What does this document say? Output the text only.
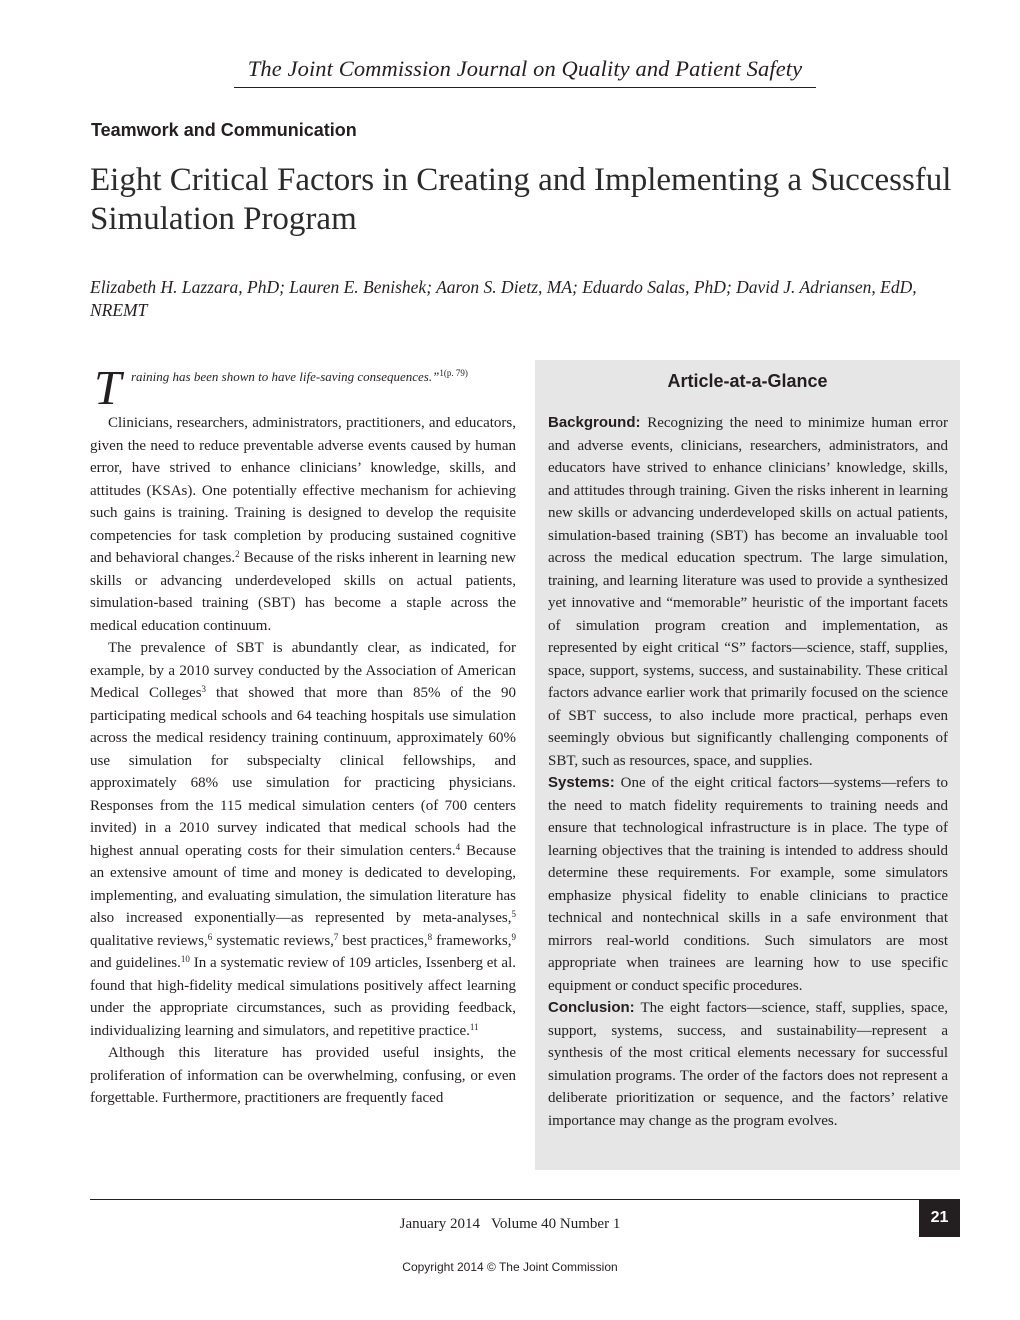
The Joint Commission Journal on Quality and Patient Safety
Teamwork and Communication
Eight Critical Factors in Creating and Implementing a Successful Simulation Program
Elizabeth H. Lazzara, PhD; Lauren E. Benishek; Aaron S. Dietz, MA; Eduardo Salas, PhD; David J. Adriansen, EdD, NREMT

T raining has been shown to have life-saving consequences.”$^{1(p. 79)}$

Clinicians, researchers, administrators, practitioners, and educators, given the need to reduce preventable adverse events caused by human error, have strived to enhance clinicians’ knowledge, skills, and attitudes (KSAs). One potentially effective mechanism for achieving such gains is training. Training is designed to develop the requisite competencies for task completion by producing sustained cognitive and behavioral changes.$^2$ Because of the risks inherent in learning new skills or advancing underdeveloped skills on actual patients, simulation-based training (SBT) has become a staple across the medical education continuum.

The prevalence of SBT is abundantly clear, as indicated, for example, by a 2010 survey conducted by the Association of American Medical Colleges$^3$ that showed that more than 85% of the 90 participating medical schools and 64 teaching hospitals use simulation across the medical residency training continuum, approximately 60% use simulation for subspecialty clinical fellowships, and approximately 68% use simulation for practicing physicians. Responses from the 115 medical simulation centers (of 700 centers invited) in a 2010 survey indicated that medical schools had the highest annual operating costs for their simulation centers.$^4$ Because an extensive amount of time and money is dedicated to developing, implementing, and evaluating simulation, the simulation literature has also increased exponentially—as represented by meta-analyses,$^5$ qualitative reviews,$^6$ systematic reviews,$^7$ best practices,$^8$ frameworks,$^9$ and guidelines.$^{10}$ In a systematic review of 109 articles, Issenberg et al. found that high-fidelity medical simulations positively affect learning under the appropriate circumstances, such as providing feedback, individualizing learning and simulators, and repetitive practice.$^{11}$

Although this literature has provided useful insights, the proliferation of information can be overwhelming, confusing, or even forgettable. Furthermore, practitioners are frequently faced

Article-at-a-Glance

Background: Recognizing the need to minimize human error and adverse events, clinicians, researchers, administrators, and educators have strived to enhance clinicians’ knowledge, skills, and attitudes through training. Given the risks inherent in learning new skills or advancing underdeveloped skills on actual patients, simulation-based training (SBT) has become an invaluable tool across the medical education spectrum. The large simulation, training, and learning literature was used to provide a synthesized yet innovative and “memorable” heuristic of the important facets of simulation program creation and implementation, as represented by eight critical “S” factors—science, staff, supplies, space, support, systems, success, and sustainability. These critical factors advance earlier work that primarily focused on the science of SBT success, to also include more practical, perhaps even seemingly obvious but significantly challenging components of SBT, such as resources, space, and supplies.

Systems: One of the eight critical factors—systems—refers to the need to match fidelity requirements to training needs and ensure that technological infrastructure is in place. The type of learning objectives that the training is intended to address should determine these requirements. For example, some simulators emphasize physical fidelity to enable clinicians to practice technical and nontechnical skills in a safe environment that mirrors real-world conditions. Such simulators are most appropriate when trainees are learning how to use specific equipment or conduct specific procedures.

Conclusion: The eight factors—science, staff, supplies, space, support, systems, success, and sustainability—represent a synthesis of the most critical elements necessary for successful simulation programs. The order of the factors does not represent a deliberate prioritization or sequence, and the factors’ relative importance may change as the program evolves.

January 2014   Volume 40 Number 1	21
Copyright 2014 © The Joint Commission
